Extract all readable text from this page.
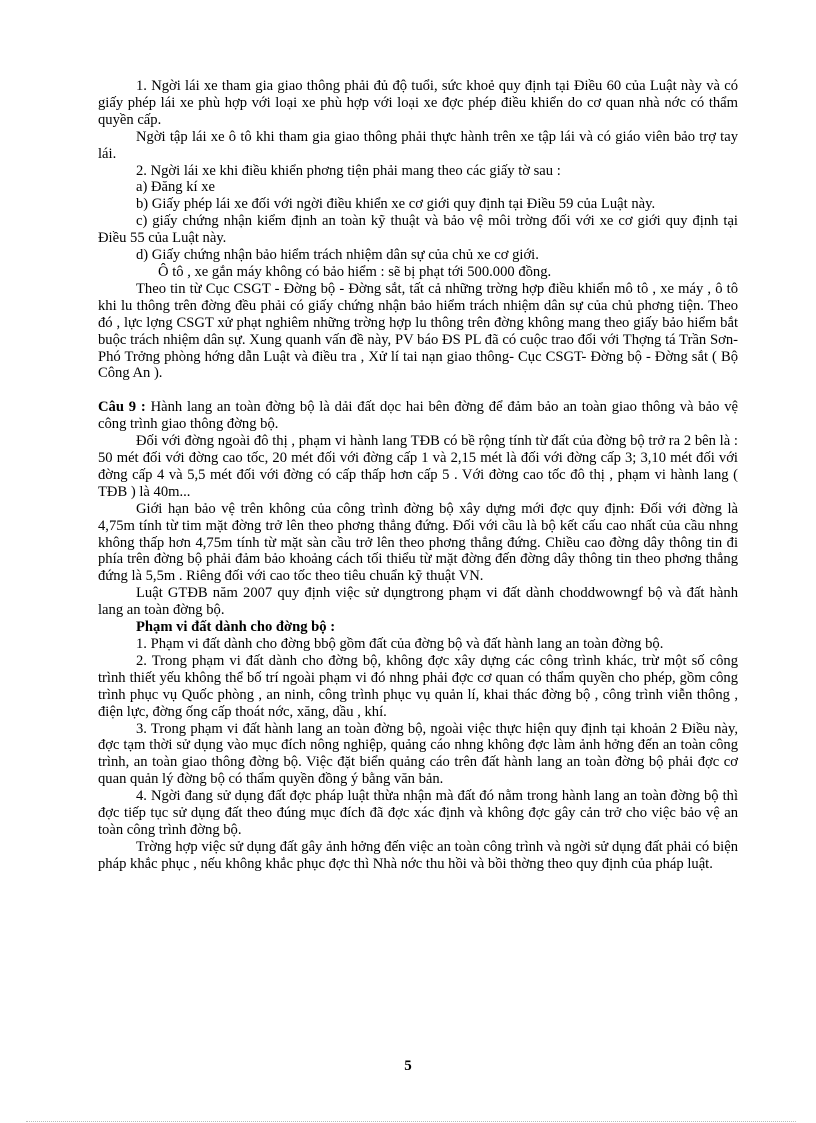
1. Ngời lái xe tham gia giao thông phải đủ độ tuổi, sức khoẻ quy định tại Điều 60 của Luật này và có giấy phép lái xe phù hợp với loại xe phù hợp với loại xe đợc phép điều khiển do cơ quan nhà nớc có thẩm quyền cấp.

Ngời tập lái xe ô tô khi tham gia giao thông phải thực hành trên xe tập lái và có giáo viên bảo trợ tay lái.

2. Ngời lái xe khi điều khiển phơng tiện phải mang theo các giấy tờ sau :

a) Đăng kí xe

b) Giấy phép lái xe đối với ngời điều khiển xe cơ giới quy định tại Điều 59 của Luật này.

c) giấy chứng nhận kiểm định an toàn kỹ thuật và bảo vệ môi trờng đối với xe cơ giới quy định tại Điều 55 của Luật này.

d) Giấy chứng nhận bảo hiểm trách nhiệm dân sự của chủ xe cơ giới.

Ô tô , xe gắn máy không có bảo hiểm : sẽ bị phạt tới 500.000 đồng.

Theo tin từ Cục CSGT - Đờng bộ - Đờng sắt, tất cả những trờng hợp điều khiển mô tô , xe máy , ô tô khi lu thông trên đờng đều phải có giấy chứng nhận bảo hiểm trách nhiệm dân sự của chủ phơng tiện. Theo đó , lực lợng CSGT xử phạt nghiêm những trờng hợp lu thông trên đờng không mang theo giấy bảo hiểm bắt buộc trách nhiệm dân sự. Xung quanh vấn đề này, PV báo ĐS PL đã có cuộc trao đổi với Thợng tá Trần Sơn- Phó Trởng phòng hớng dẫn Luật và điều tra , Xử lí tai nạn giao thông- Cục CSGT- Đờng bộ - Đờng sắt ( Bộ Công An ).

Câu 9 : Hành lang an toàn đờng bộ là dải đất dọc hai bên đờng để đảm bảo an toàn giao thông và bảo vệ công trình giao thông đờng bộ.

Đối với đờng ngoài đô thị , phạm vi hành lang TĐB có bề rộng tính từ đất của đờng bộ trở ra 2 bên là : 50 mét đối với đờng cao tốc, 20 mét đối với đờng cấp 1 và 2,15 mét là đối với đờng cấp 3; 3,10 mét đối với đờng cấp 4 và 5,5 mét đối với đờng có cấp thấp hơn cấp 5 . Với đờng cao tốc đô thị , phạm vi hành lang ( TĐB ) là 40m...

Giới hạn bảo vệ trên không của công trình đờng bộ xây dựng mới đợc quy định: Đối với đờng là 4,75m tính từ tim mặt đờng trở lên theo phơng thẳng đứng. Đối với cầu là bộ kết cấu cao nhất của cầu nhng không thấp hơn 4,75m tính từ mặt sàn cầu trở lên theo phơng thẳng đứng. Chiều cao đờng dây thông tin đi phía trên đờng bộ phải đảm bảo khoảng cách tối thiểu từ mặt đờng đến đờng dây thông tin theo phơng thẳng đứng là 5,5m . Riêng đối với cao tốc theo tiêu chuẩn kỹ thuật VN.

Luật GTĐB năm 2007 quy định việc sử dụngtrong phạm vi đất dành choddwowngf bộ và đất hành lang an toàn đờng bộ.

Phạm vi đất dành cho đờng bộ :

1. Phạm vi đất dành cho đờng bbộ gồm đất của đờng bộ và đất hành lang an toàn đờng bộ.

2. Trong phạm vi đất dành cho đờng bộ, không đợc xây dựng các công trình khác, trừ một số công trình thiết yếu không thể bố trí ngoài phạm vi đó nhng phải đợc cơ quan có thẩm quyền cho phép, gồm công trình phục vụ Quốc phòng , an ninh, công trình phục vụ quản lí, khai thác đờng bộ , công trình viễn thông , điện lực, đờng ống cấp thoát nớc, xăng, dầu , khí.

3. Trong phạm vi đất hành lang an toàn đờng bộ, ngoài việc thực hiện quy định tại khoản 2 Điều này, đợc tạm thời sử dụng vào mục đích nông nghiệp, quảng cáo nhng không đợc làm ảnh hởng đến an toàn công trình, an toàn giao thông đờng bộ. Việc đặt biển quảng cáo trên đất hành lang an toàn đờng bộ phải đợc cơ quan quản lý đờng bộ có thẩm quyền đồng ý bằng văn bản.

4. Ngời đang sử dụng đất đợc pháp luật thừa nhận mà đất đó nằm trong hành lang an toàn đờng bộ thì đợc tiếp tục sử dụng đất theo đúng mục đích đã đợc xác định và không đợc gây cản trở cho việc bảo vệ an toàn công trình đờng bộ.

Trờng hợp việc sử dụng đất gây ảnh hởng đến việc an toàn công trình và ngời sử dụng đất phải có biện pháp khắc phục , nếu không khắc phục đợc thì Nhà nớc thu hồi và bồi thờng theo quy định của pháp luật.

5
